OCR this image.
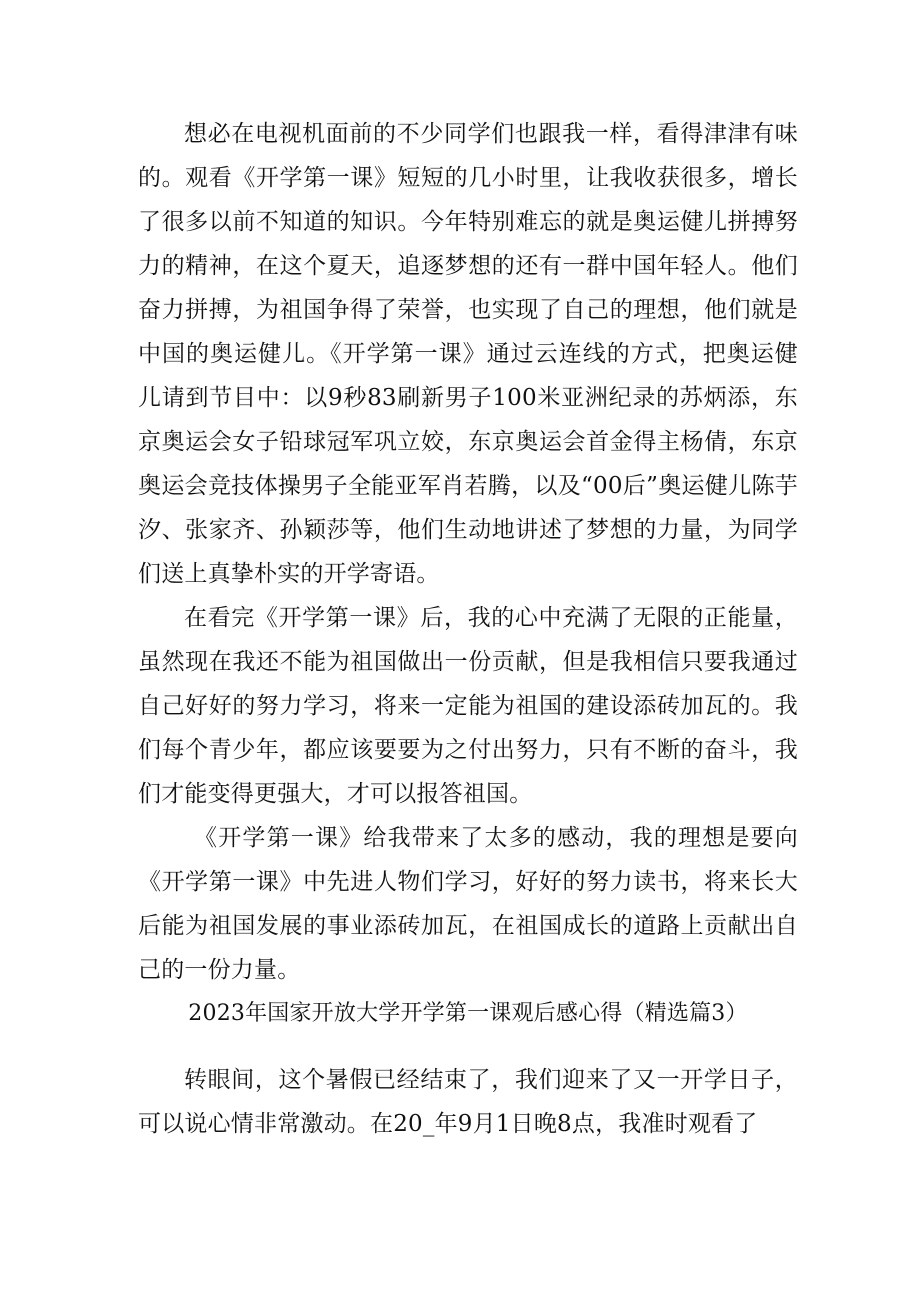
想必在电视机面前的不少同学们也跟我一样，看得津津有味的。观看《开学第一课》短短的几小时里，让我收获很多，增长了很多以前不知道的知识。今年特别难忘的就是奥运健儿拼搏努力的精神，在这个夏天，追逐梦想的还有一群中国年轻人。他们奋力拼搏，为祖国争得了荣誉，也实现了自己的理想，他们就是中国的奥运健儿。《开学第一课》通过云连线的方式，把奥运健儿请到节目中：以9秒83刷新男子100米亚洲纪录的苏炳添，东京奥运会女子铅球冠军巩立姣，东京奥运会首金得主杨倩，东京奥运会竞技体操男子全能亚军肖若腾，以及“00后”奥运健儿陈芋汐、张家齐、孙颖莎等，他们生动地讲述了梦想的力量，为同学们送上真挚朴实的开学寄语。

在看完《开学第一课》后，我的心中充满了无限的正能量，虽然现在我还不能为祖国做出一份贡献，但是我相信只要我通过自己好好的努力学习，将来一定能为祖国的建设添砖加瓦的。我们每个青少年，都应该要要为之付出努力，只有不断的奋斗，我们才能变得更强大，才可以报答祖国。

《开学第一课》给我带来了太多的感动，我的理想是要向《开学第一课》中先进人物们学习，好好的努力读书，将来长大后能为祖国发展的事业添砖加瓦，在祖国成长的道路上贡献出自己的一份力量。

2023年国家开放大学开学第一课观后感心得（精选篇3）

转眼间，这个暑假已经结束了，我们迎来了又一开学日子，可以说心情非常激动。在20_年9月1日晚8点，我准时观看了
